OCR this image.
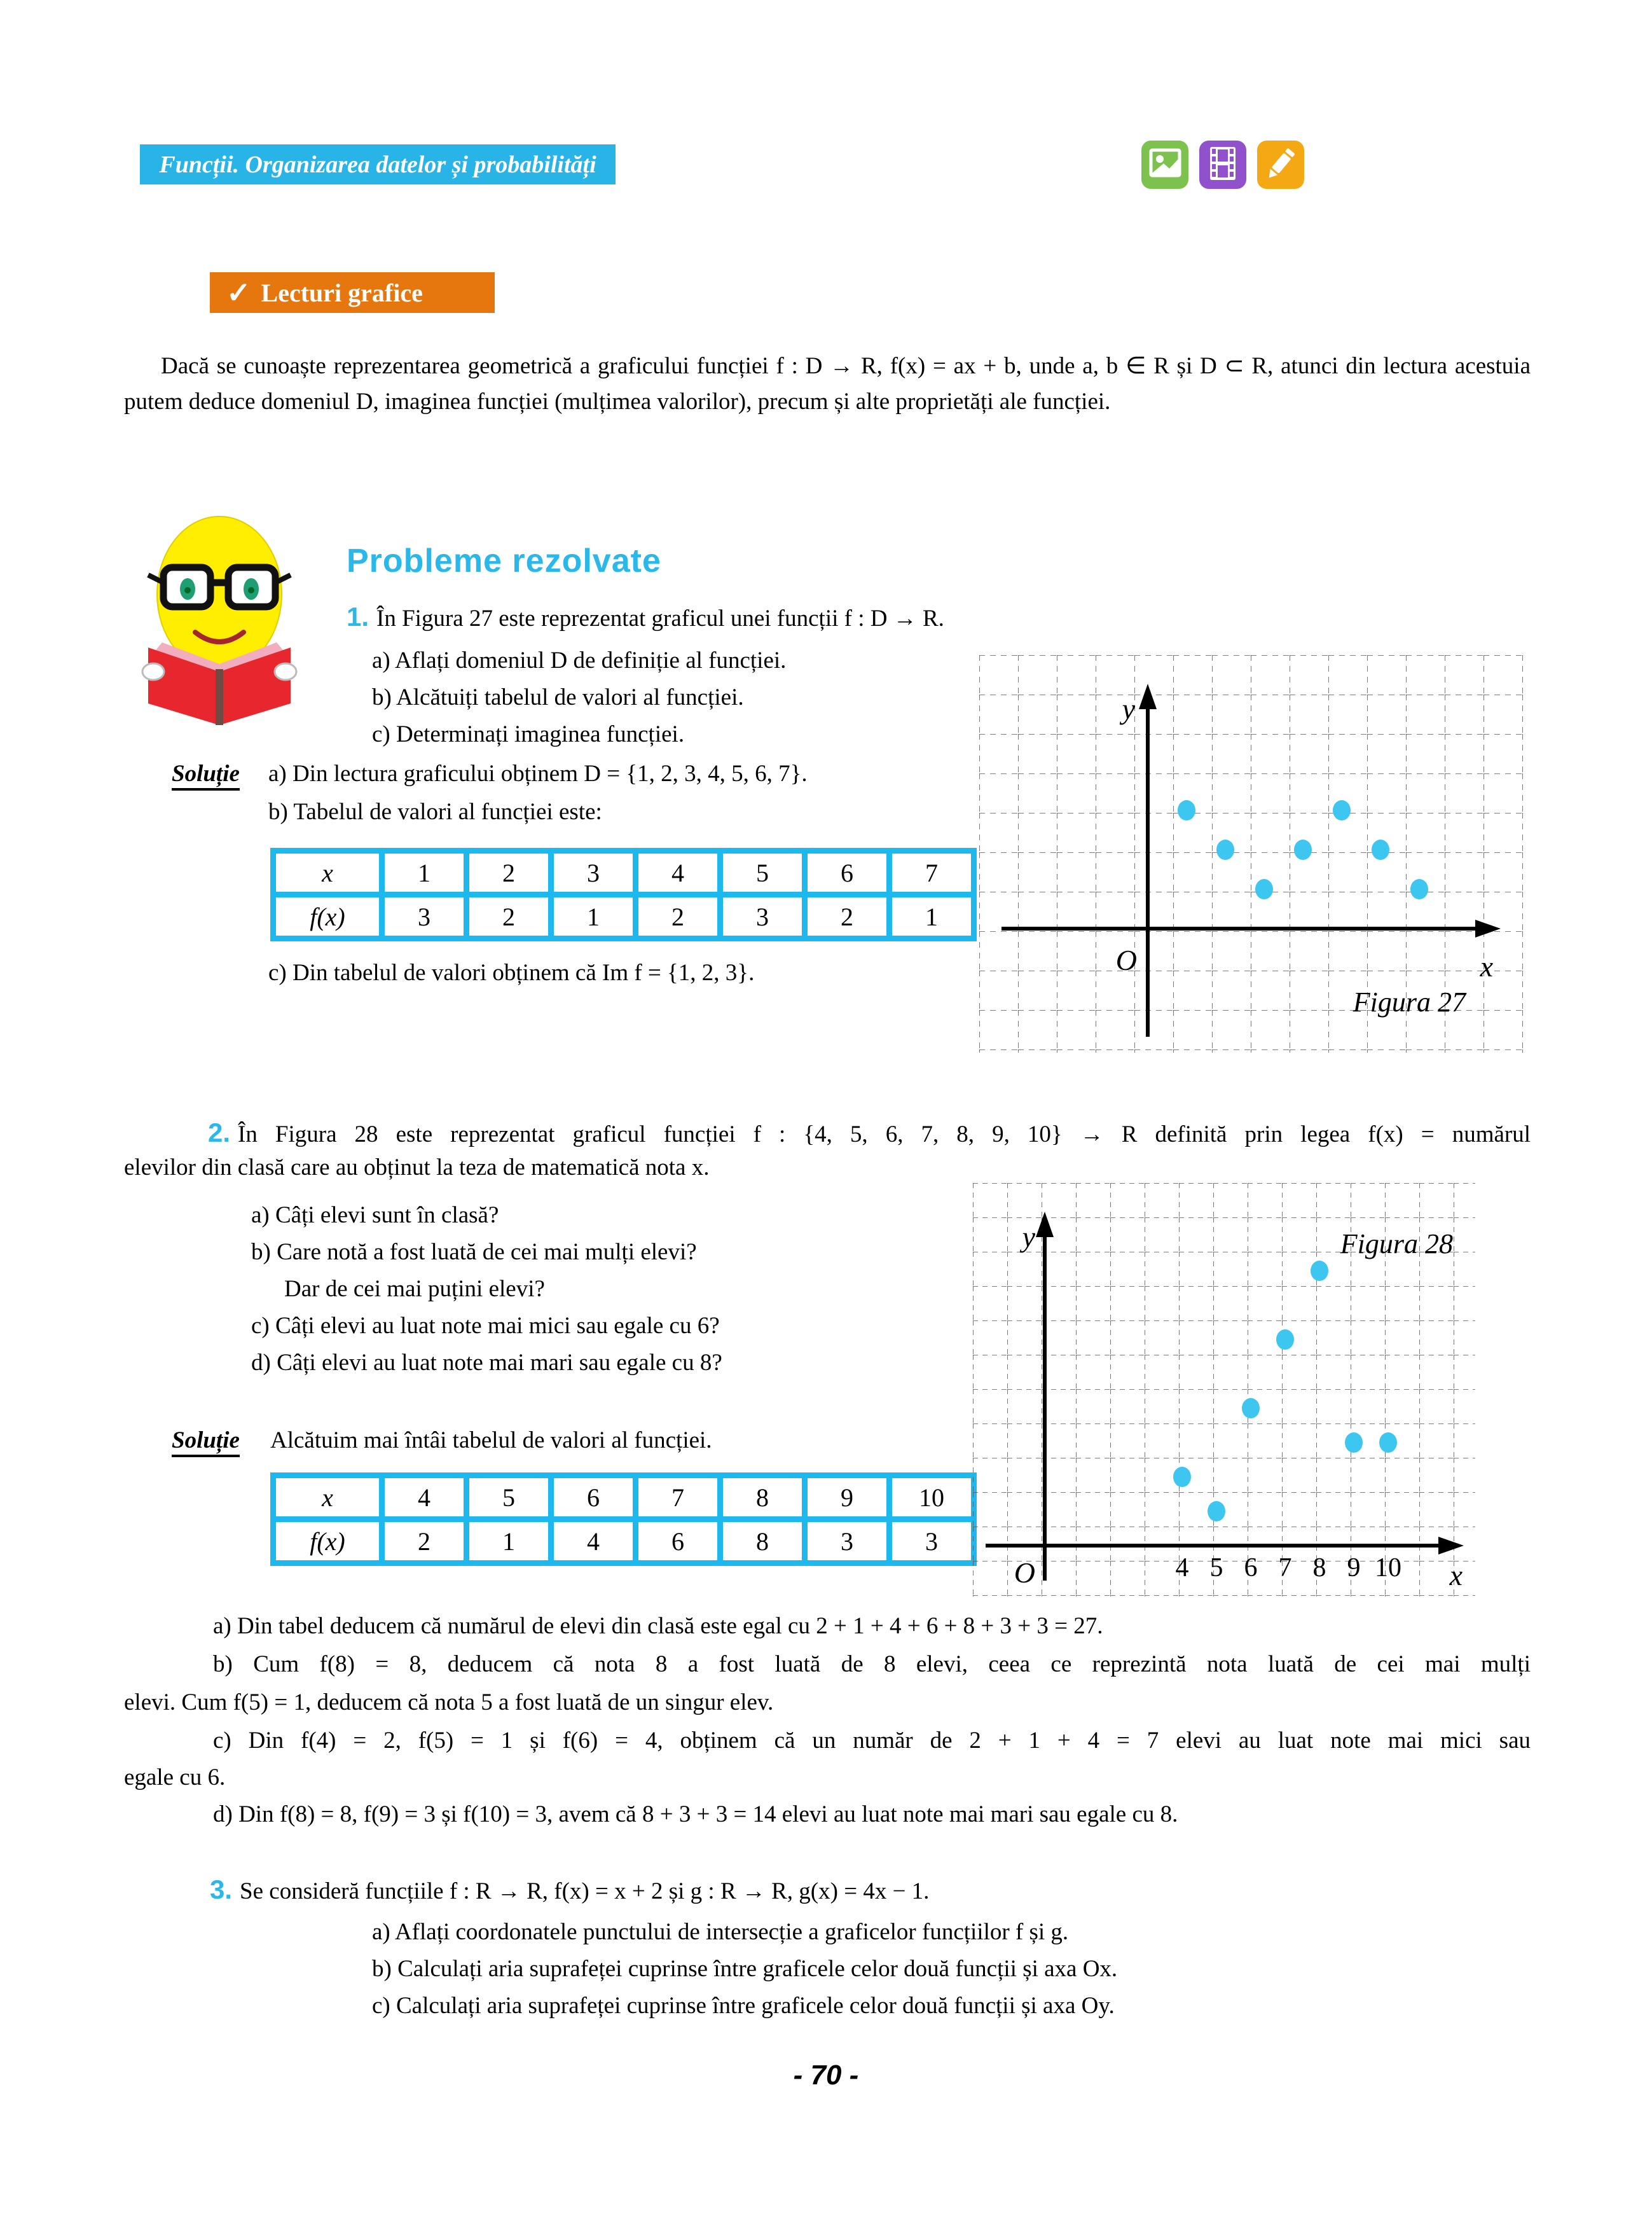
Funcții. Organizarea datelor și probabilități
✓ Lecturi grafice
Dacă se cunoaște reprezentarea geometrică a graficului funcției f : D → R, f(x) = ax + b, unde a, b ∈ R și D ⊂ R, atunci din lectura acestuia putem deduce domeniul D, imaginea funcției (mulțimea valorilor), precum și alte proprietăți ale funcției.
Probleme rezolvate
1. În Figura 27 este reprezentat graficul unei funcții f : D → R.
a) Aflați domeniul D de definiție al funcției.
b) Alcătuiți tabelul de valori al funcției.
c) Determinați imaginea funcției.
Soluție a) Din lectura graficului obținem D = {1, 2, 3, 4, 5, 6, 7}.
b) Tabelul de valori al funcției este:
x	1	2	3	4	5	6	7
f(x)	3	2	1	2	3	2	1
c) Din tabelul de valori obținem că Im f = {1, 2, 3}.
y
O	x
Figura 27
2. În Figura 28 este reprezentat graficul funcției f : {4, 5, 6, 7, 8, 9, 10} → R definită prin legea f(x) = numărul
elevilor din clasă care au obținut la teza de matematică nota x.
a) Câți elevi sunt în clasă?
b) Care notă a fost luată de cei mai mulți elevi?
Dar de cei mai puțini elevi?
c) Câți elevi au luat note mai mici sau egale cu 6?
d) Câți elevi au luat note mai mari sau egale cu 8?
Soluție Alcătuim mai întâi tabelul de valori al funcției.
x	4	5	6	7	8	9	10
f(x)	2	1	4	6	8	3	3
y
O	x
Figura 28
4 5 6 7 8 9 10
a) Din tabel deducem că numărul de elevi din clasă este egal cu 2 + 1 + 4 + 6 + 8 + 3 + 3 = 27.
b) Cum f(8) = 8, deducem că nota 8 a fost luată de 8 elevi, ceea ce reprezintă nota luată de cei mai mulți
elevi. Cum f(5) = 1, deducem că nota 5 a fost luată de un singur elev.
c) Din f(4) = 2, f(5) = 1 și f(6) = 4, obținem că un număr de 2 + 1 + 4 = 7 elevi au luat note mai mici sau
egale cu 6.
d) Din f(8) = 8, f(9) = 3 și f(10) = 3, avem că 8 + 3 + 3 = 14 elevi au luat note mai mari sau egale cu 8.
3. Se consideră funcțiile f : R → R, f(x) = x + 2 și g : R → R, g(x) = 4x − 1.
a) Aflați coordonatele punctului de intersecție a graficelor funcțiilor f și g.
b) Calculați aria suprafeței cuprinse între graficele celor două funcții și axa Ox.
c) Calculați aria suprafeței cuprinse între graficele celor două funcții și axa Oy.
- 70 -
